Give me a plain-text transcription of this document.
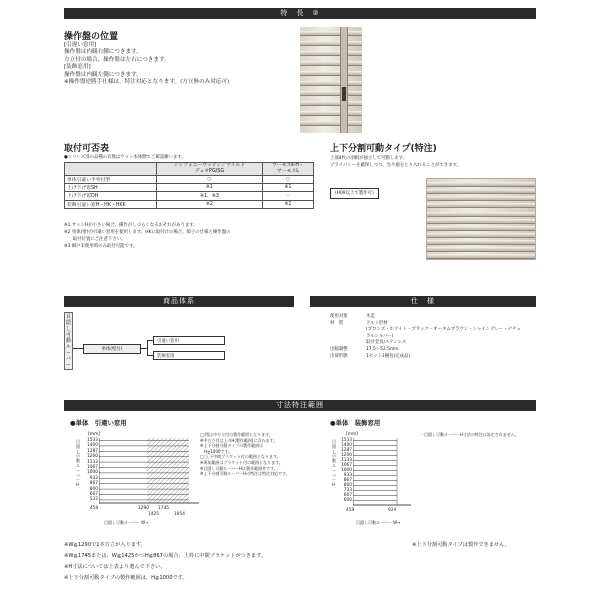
特　長　②
操作盤の位置
[引違い窓用]
操作盤は内観右側につきます。
方立付の場合、操作盤は左右につきます。
[装飾窓用]
操作盤は内観左側につきます。
※操作盤逆勝手仕様は、特注対応となります。(方立無のみ対応可)
取付可否表
●シリーズ別の品種の有無はサッシ本体側でご確認願います。
	シンフォニーウッディ／マイルド
デュオPG/SG	サーモスⅡ-H・
サーモスL
単体引違い半外付型	○	○
上げ下げ窓SH	※1	※1
上げ下げ窓DH	※1、※3	－
装飾引違い窓H・HK・HKK	※2	※2
※1 サッシHが小さい場合、操作がしづらくなるおそれがあります。
※2 単体(壁付)引違い窓用を使用します。HKに取付けの場合、障子の仕様と操作盤の
　　取付位置にご注意下さい。
※3 網戸未使用時のみ取付可能です。
上下分割可動タイプ(特注)
上部4枚の羽根が独立して可動します。
プライバシーを確保しつつ、光や風をとり入れることができます。
(H09以上で製作可)
商品体系
目隠し可動ルーバー
単体(壁付)
引違い窓用
装飾窓用
仕　様
使用対象	木造
材　質	アルミ形材
(ブロンズ・ホワイト・ブラック・オータムブラウン・シャイングレー・ナチュ
ラルシルバー)
取付金具/ステンレス
出幅調整	17.5〜52.5mm
出荷形態	1セット1梱包(完成品)
寸法特注範囲
●単体　引違い窓用
[mm]
目隠し可動ルーバーH
1533
1400
1287
1200
1133
1067
1000
933
867
800
667
533
459	1290 1745
1425	1954
目隠し可動ルーバー W→
□:図は中方立付の製作範囲となります。
※中方立付は上のH(製作範囲)に含みます。
※上下分割可動タイプの製作範囲は
　H≧1000です。
□:上下中間ブラケット付の範囲となります。
※薄灰範囲はブラケット付の範囲となります。
※目隠し可動ルーバーHは製作範囲外です。
※上下分割可動ルーバーHの特注は特注対応です。
●単体　装飾窓用
[mm]
目隠し可動ルーバーH
1533
1400
1287
1200
1133
1067
1000
933
867
800
733
667
600
459	924
目隠し可動ルーバー W→
・目隠し可動ルーバーH寸法の特注は設定されません。
※W≧1290で1本方立が入ります。
※W≧1745または、W≧1425かつH≧867の場合、上枠に中間ブラケットがつきます。
※H寸法については上表より選んで下さい。
※上下分割可動タイプの製作範囲は、H≧1000です。
※上下分割可動タイプは製作できません。
